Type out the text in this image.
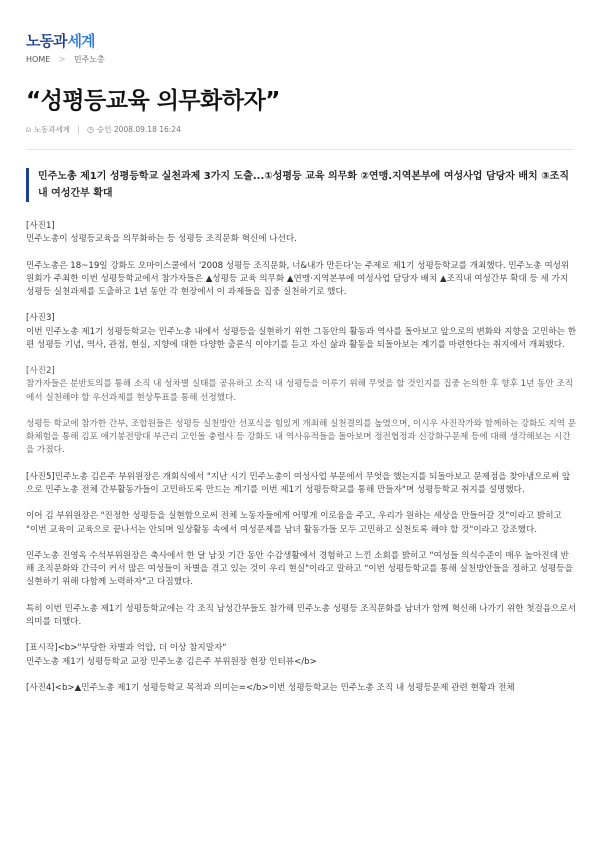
노동과 세계
HOME > 민주노총
“성평등교육 의무화하자”
⍝ 노동과세계 ◷ 승인 2008.09.18 16:24
민주노총 제1기 성평등학교 실천과제 3가지 도출...①성평등 교육 의무화 ②연맹.지역본부에 여성사업 담당자 배치 ③조직내 여성간부 확대

[사진1]
민주노총이 성평등교육을 의무화하는 등 성평등 조직문화 혁신에 나선다.

민주노총은 18~19일 강화도 오마이스쿨에서 '2008 성평등 조직문화, 너&내가 만든다'는 주제로 제1기 성평등학교를 개최했다. 민주노총 여성위원회가 주최한 이번 성평등학교에서 참가자들은 ▲성평등 교육 의무화 ▲연맹·지역본부에 여성사업 담당자 배치 ▲조직내 여성간부 확대 등 세 가지 성평등 실천과제를 도출하고 1년 동안 각 현장에서 이 과제들을 집중 실천하기로 했다.

[사진3]
이번 민주노총 제1기 성평등학교는 민주노총 내에서 성평등을 실현하기 위한 그동안의 활동과 역사를 돌아보고 앞으로의 변화와 지향을 고민하는 한편 성평등 기념, 역사, 관점, 현실, 지향에 대한 다양한 출론식 이야기를 듣고 자신 삶과 활동을 되돌아보는 계기를 마련한다는 취지에서 개최됐다.

[사진2]
참가자들은 분반토의를 통해 소직 내 성차별 실태를 공유하고 소직 내 성평등을 이루기 위해 무엇을 할 것인지를 집중 논의한 후 향후 1년 동안 조직에서 실천해야 할 우선과제를 현상투표를 통해 선정했다.

성평등 학교에 참가한 간부, 조합원들은 성평등 실천방안 선포식을 힘있게 개최해 실천결의를 높였으며, 이시우 사진작가와 함께하는 강화도 지역 문화체험을 통해 김포 애기봉전망대 부근리 고인돌 충렬사 등 강화도 내 역사유적들을 돌아보며 정전협정과 신강화구문제 등에 대해 생각해보는 시간을 가졌다.

[사진5]민주노총 김은주 부위원장은 개회식에서 "지난 시기 민주노총이 여성사업 부문에서 무엇을 했는지를 되돌아보고 문제점을 찾아냄으로써 앞으로 민주노총 전체 간부활동가들이 고민하도록 만드는 계기를 이번 제1기 성평등학교를 통해 만들자"며 성평등학교 취지를 설명했다.

이어 김 부위원장은 "진정한 성평등을 실현함으로써 전체 노동자들에게 어떻게 이로움을 주고, 우리가 원하는 세상을 만들어갈 것"이라고 밝히고 "이번 교육이 교육으로 끝나서는 안되며 일상활동 속에서 여성문제를 남녀 활동가들 모두 고민하고 실천토록 해야 할 것"이라고 강조했다.

민주노총 진영옥 수석부위원장은 축사에서 한 달 남짓 기간 동안 수감생활에서 경험하고 느낀 소회를 밝히고 "여성들 의식수준이 매우 높아진데 반해 조직문화와 간극이 커서 많은 여성들이 차별을 겪고 있는 것이 우리 현실"이라고 말하고 "이번 성평등학교를 통해 실천방안들을 정하고 성평등을 실현하기 위해 다함께 노력하자"고 다짐했다.

특히 이번 민주노총 제1기 성평등학교에는 각 조직 남성간부들도 참가해 민주노총 성평등 조직문화를 남녀가 함께 혁신해 나가기 위한 첫걸음으로서 의미를 더했다.

[표시작]<b>"부당한 차별과 억압, 더 이상 참지말자"
민주노총 제1기 성평등학교 교장 민주노총 김은주 부위원장 현장 인터뷰</b>

[사진4]<b>▲민주노총 제1기 성평등학교 목적과 의미는=</b>이번 성평등학교는 민주노총 조직 내 성평등문제 관련 현황과 전체
